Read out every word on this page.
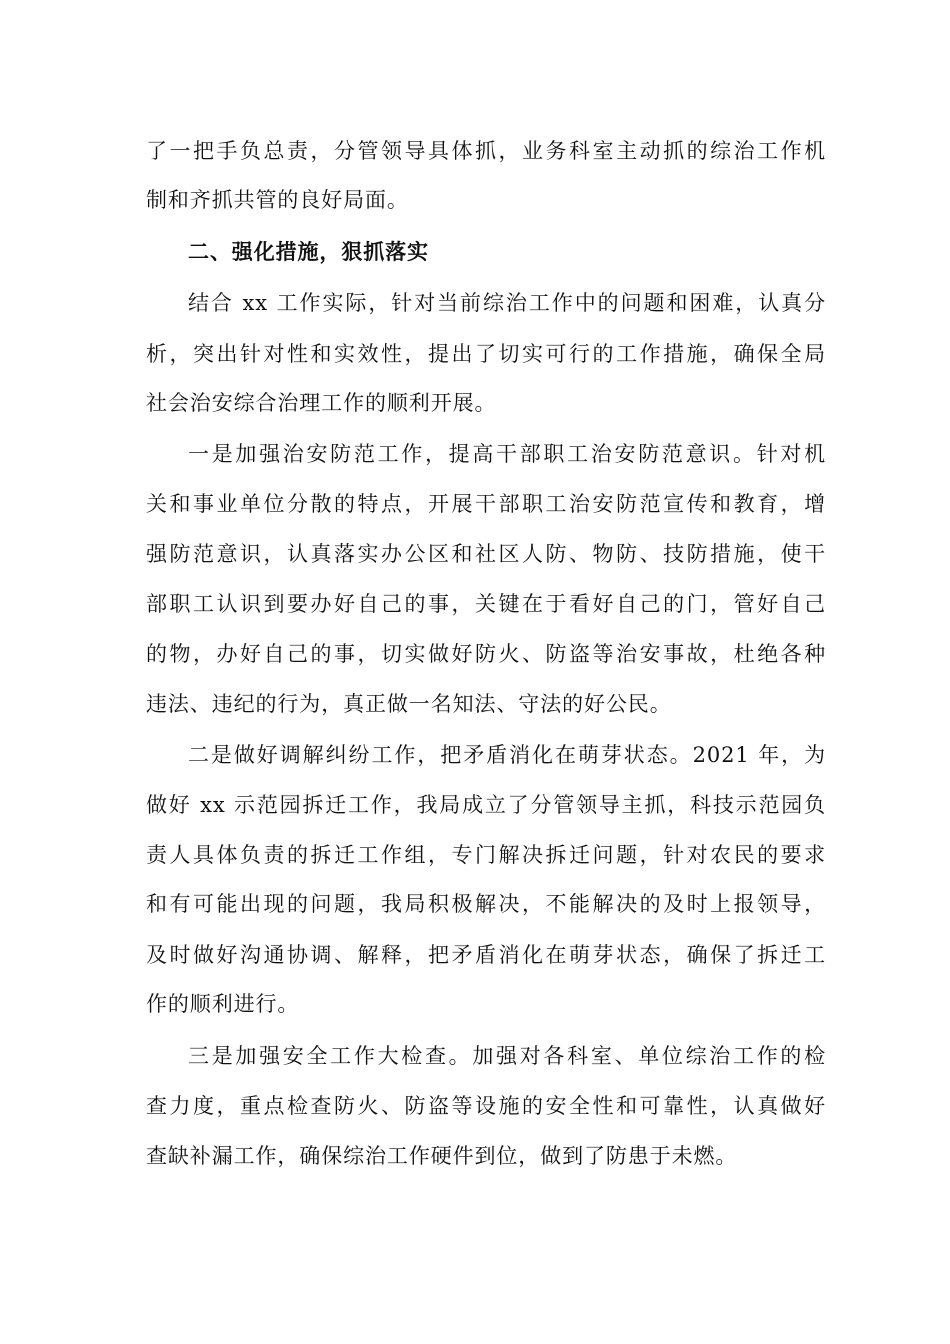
了一把手负总责，分管领导具体抓，业务科室主动抓的综治工作机
制和齐抓共管的良好局面。
二、强化措施，狠抓落实
结合 xx 工作实际，针对当前综治工作中的问题和困难，认真分
析，突出针对性和实效性，提出了切实可行的工作措施，确保全局
社会治安综合治理工作的顺利开展。
一是加强治安防范工作，提高干部职工治安防范意识。针对机
关和事业单位分散的特点，开展干部职工治安防范宣传和教育，增
强防范意识，认真落实办公区和社区人防、物防、技防措施，使干
部职工认识到要办好自己的事，关键在于看好自己的门，管好自己
的物，办好自己的事，切实做好防火、防盗等治安事故，杜绝各种
违法、违纪的行为，真正做一名知法、守法的好公民。
二是做好调解纠纷工作，把矛盾消化在萌芽状态。2021 年，为
做好 xx 示范园拆迁工作，我局成立了分管领导主抓，科技示范园负
责人具体负责的拆迁工作组，专门解决拆迁问题，针对农民的要求
和有可能出现的问题，我局积极解决，不能解决的及时上报领导，
及时做好沟通协调、解释，把矛盾消化在萌芽状态，确保了拆迁工
作的顺利进行。
三是加强安全工作大检查。加强对各科室、单位综治工作的检
查力度，重点检查防火、防盗等设施的安全性和可靠性，认真做好
查缺补漏工作，确保综治工作硬件到位，做到了防患于未燃。
